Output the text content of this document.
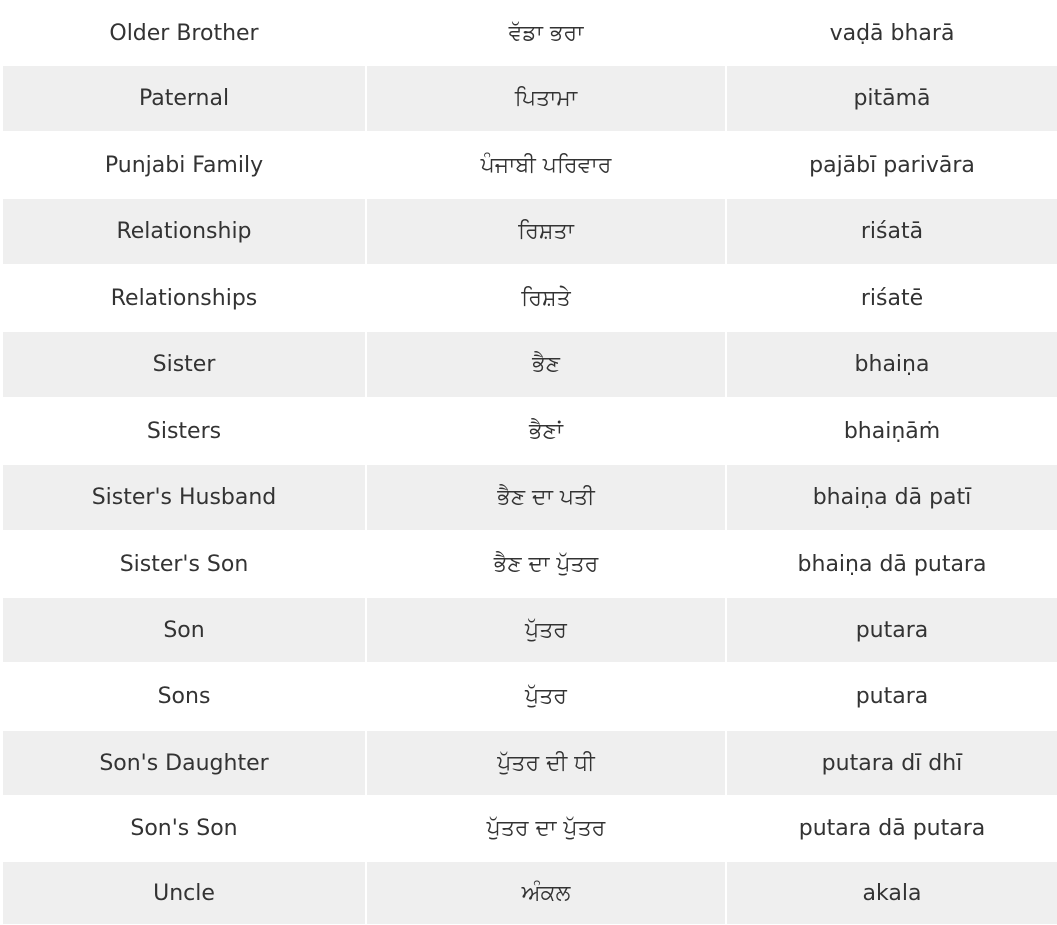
Older Brother	ਵੱਡਾ ਭਰਾ	vaḍā bharā
Paternal	ਪਿਤਾਮਾ	pitāmā
Punjabi Family	ਪੰਜਾਬੀ ਪਰਿਵਾਰ	pajābī parivāra
Relationship	ਰਿਸ਼ਤਾ	riśatā
Relationships	ਰਿਸ਼ਤੇ	riśatē
Sister	ਭੈਣ	bhaiṇa
Sisters	ਭੈਣਾਂ	bhaiṇāṁ
Sister's Husband	ਭੈਣ ਦਾ ਪਤੀ	bhaiṇa dā patī
Sister's Son	ਭੈਣ ਦਾ ਪੁੱਤਰ	bhaiṇa dā putara
Son	ਪੁੱਤਰ	putara
Sons	ਪੁੱਤਰ	putara
Son's Daughter	ਪੁੱਤਰ ਦੀ ਧੀ	putara dī dhī
Son's Son	ਪੁੱਤਰ ਦਾ ਪੁੱਤਰ	putara dā putara
Uncle	ਅੰਕਲ	akala
